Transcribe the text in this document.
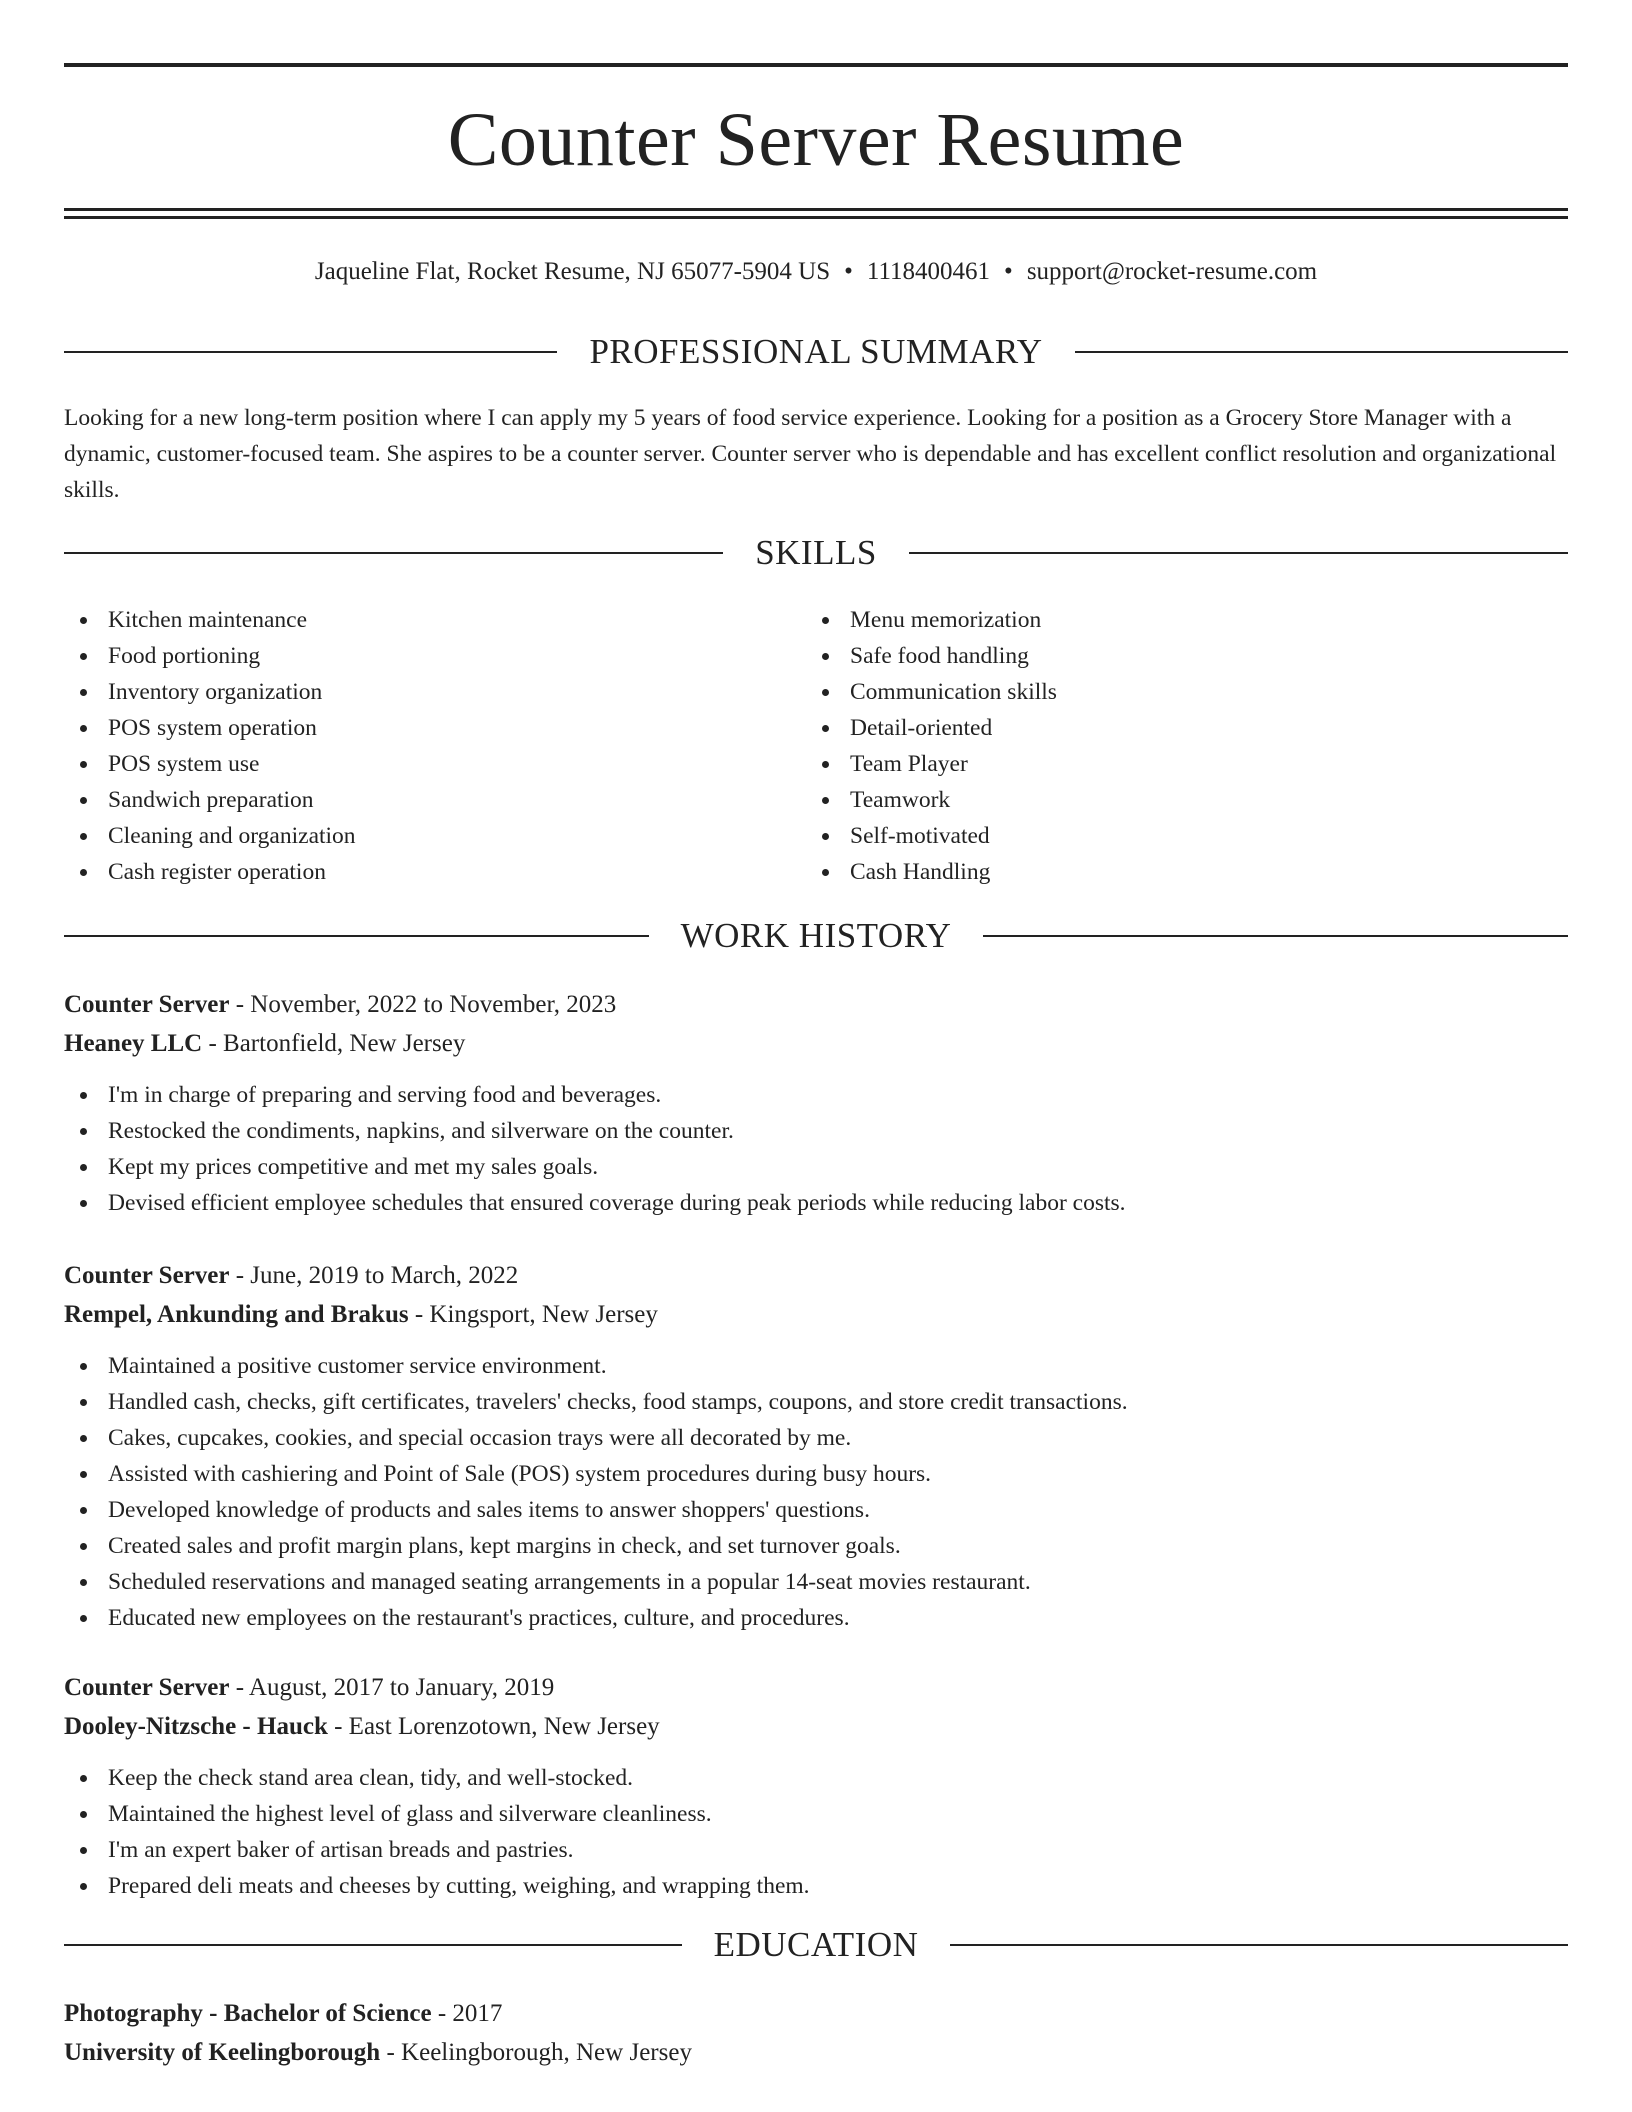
Counter Server Resume
Jaqueline Flat, Rocket Resume, NJ 65077-5904 US • 1118400461 • support@rocket-resume.com
PROFESSIONAL SUMMARY
Looking for a new long-term position where I can apply my 5 years of food service experience. Looking for a position as a Grocery Store Manager with a dynamic, customer-focused team. She aspires to be a counter server. Counter server who is dependable and has excellent conflict resolution and organizational skills.
SKILLS
Kitchen maintenance
Food portioning
Inventory organization
POS system operation
POS system use
Sandwich preparation
Cleaning and organization
Cash register operation
Menu memorization
Safe food handling
Communication skills
Detail-oriented
Team Player
Teamwork
Self-motivated
Cash Handling
WORK HISTORY
Counter Server - November, 2022 to November, 2023
Heaney LLC - Bartonfield, New Jersey
I'm in charge of preparing and serving food and beverages.
Restocked the condiments, napkins, and silverware on the counter.
Kept my prices competitive and met my sales goals.
Devised efficient employee schedules that ensured coverage during peak periods while reducing labor costs.
Counter Server - June, 2019 to March, 2022
Rempel, Ankunding and Brakus - Kingsport, New Jersey
Maintained a positive customer service environment.
Handled cash, checks, gift certificates, travelers' checks, food stamps, coupons, and store credit transactions.
Cakes, cupcakes, cookies, and special occasion trays were all decorated by me.
Assisted with cashiering and Point of Sale (POS) system procedures during busy hours.
Developed knowledge of products and sales items to answer shoppers' questions.
Created sales and profit margin plans, kept margins in check, and set turnover goals.
Scheduled reservations and managed seating arrangements in a popular 14-seat movies restaurant.
Educated new employees on the restaurant's practices, culture, and procedures.
Counter Server - August, 2017 to January, 2019
Dooley-Nitzsche - Hauck - East Lorenzotown, New Jersey
Keep the check stand area clean, tidy, and well-stocked.
Maintained the highest level of glass and silverware cleanliness.
I'm an expert baker of artisan breads and pastries.
Prepared deli meats and cheeses by cutting, weighing, and wrapping them.
EDUCATION
Photography - Bachelor of Science - 2017
University of Keelingborough - Keelingborough, New Jersey
